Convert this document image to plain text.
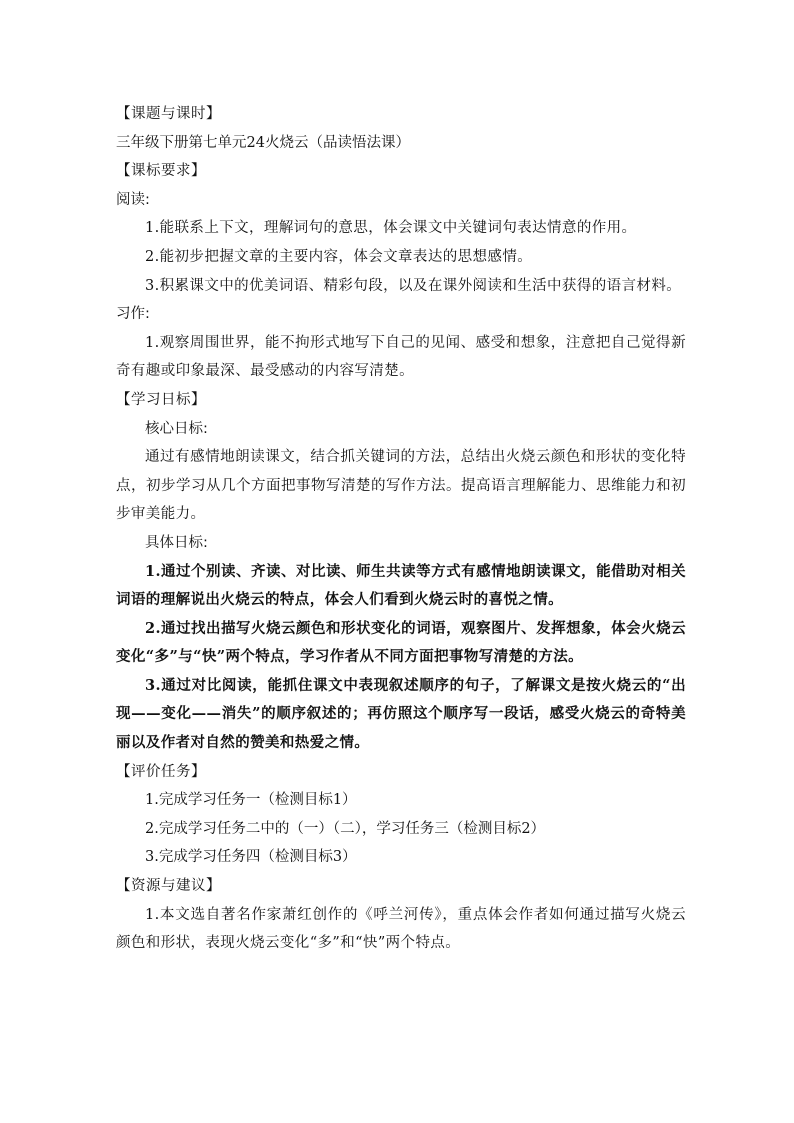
【课题与课时】

三年级下册第七单元24火烧云（品读悟法课）

【课标要求】

阅读:

1.能联系上下文，理解词句的意思，体会课文中关键词句表达情意的作用。

2.能初步把握文章的主要内容，体会文章表达的思想感情。

3.积累课文中的优美词语、精彩句段，以及在课外阅读和生活中获得的语言材料。

习作:

1.观察周围世界，能不拘形式地写下自己的见闻、感受和想象，注意把自己觉得新奇有趣或印象最深、最受感动的内容写清楚。

【学习日标】

核心日标:

通过有感情地朗读课文，结合抓关键词的方法，总结出火烧云颜色和形状的变化特点，初步学习从几个方面把事物写清楚的写作方法。提高语言理解能力、思维能力和初步审美能力。

具体日标:

1.通过个别读、齐读、对比读、师生共读等方式有感情地朗读课文，能借助对相关词语的理解说出火烧云的特点，体会人们看到火烧云时的喜悦之情。

2.通过找出描写火烧云颜色和形状变化的词语，观察图片、发挥想象，体会火烧云变化“多”与“快”两个特点，学习作者从不同方面把事物写清楚的方法。

3.通过对比阅读，能抓住课文中表现叙述顺序的句子，了解课文是按火烧云的“出现——变化——消失”的顺序叙述的；再仿照这个顺序写一段话，感受火烧云的奇特美丽以及作者对自然的赞美和热爱之情。

【评价任务】

1.完成学习任务一（检测目标1）

2.完成学习任务二中的（一）（二），学习任务三（检测目标2）

3.完成学习任务四（检测目标3）

【资源与建议】

1.本文选自著名作家萧红创作的《呼兰河传》，重点体会作者如何通过描写火烧云颜色和形状，表现火烧云变化“多”和“快”两个特点。
